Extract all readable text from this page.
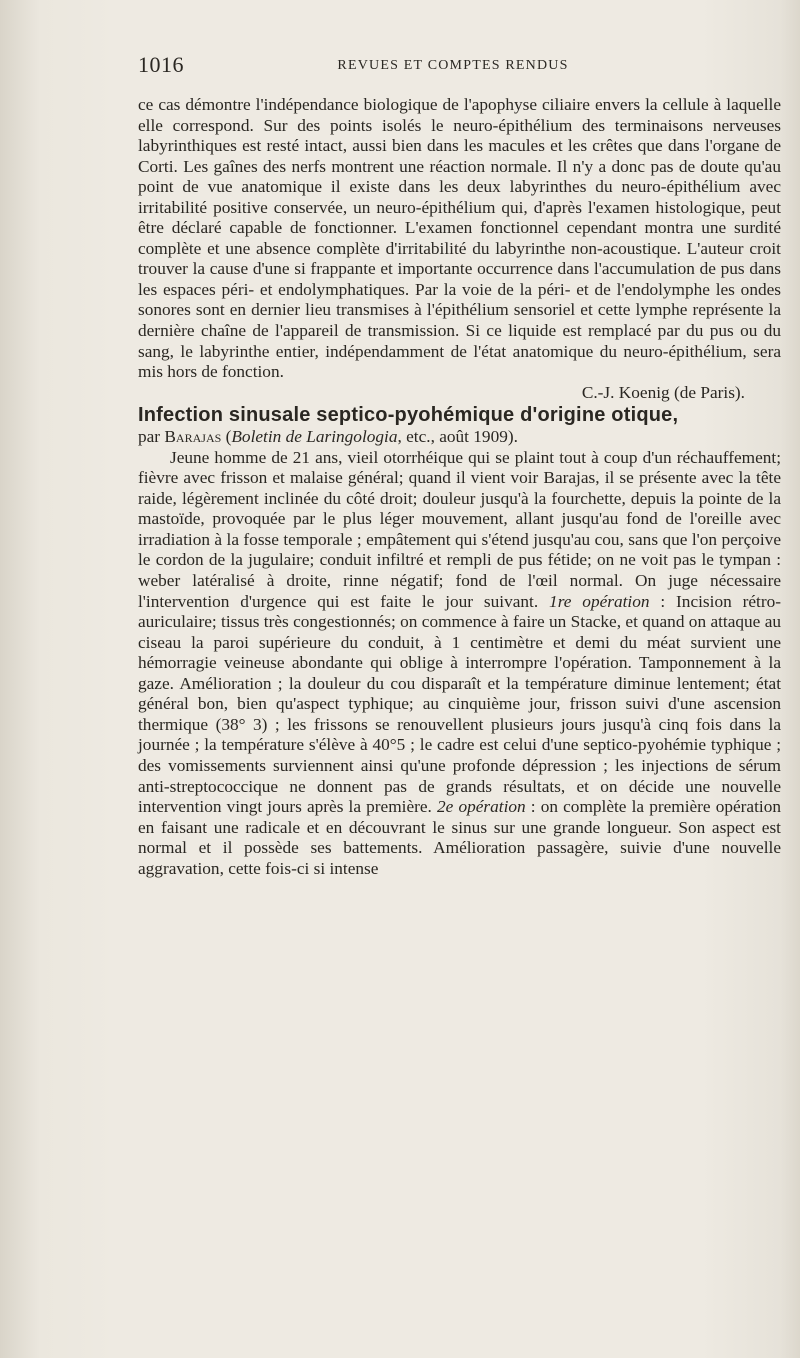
1016	REVUES ET COMPTES RENDUS

ce cas démontre l'indépendance biologique de l'apophyse ciliaire envers la cellule à laquelle elle correspond. Sur des points isolés le neuro-épithélium des terminaisons nerveuses labyrinthiques est resté intact, aussi bien dans les macules et les crêtes que dans l'organe de Corti. Les gaînes des nerfs montrent une réaction normale. Il n'y a donc pas de doute qu'au point de vue anatomique il existe dans les deux labyrinthes du neuro-épithélium avec irritabilité positive conservée, un neuro-épithélium qui, d'après l'examen histologique, peut être déclaré capable de fonctionner. L'examen fonctionnel cependant montra une surdité complète et une absence complète d'irritabilité du labyrinthe non-acoustique. L'auteur croit trouver la cause d'une si frappante et importante occurrence dans l'accumulation de pus dans les espaces péri- et endolymphatiques. Par la voie de la péri- et de l'endolymphe les ondes sonores sont en dernier lieu transmises à l'épithélium sensoriel et cette lymphe représente la dernière chaîne de l'appareil de transmission. Si ce liquide est remplacé par du pus ou du sang, le labyrinthe entier, indépendamment de l'état anatomique du neuro-épithélium, sera mis hors de fonction.

C.-J. Koenig (de Paris).

Infection sinusale septico-pyohémique d'origine otique,

par Barajas (Boletin de Laringologia, etc., août 1909).

Jeune homme de 21 ans, vieil otorrhéique qui se plaint tout à coup d'un réchauffement; fièvre avec frisson et malaise général; quand il vient voir Barajas, il se présente avec la tête raide, légèrement inclinée du côté droit; douleur jusqu'à la fourchette, depuis la pointe de la mastoïde, provoquée par le plus léger mouvement, allant jusqu'au fond de l'oreille avec irradiation à la fosse temporale ; empâtement qui s'étend jusqu'au cou, sans que l'on perçoive le cordon de la jugulaire; conduit infiltré et rempli de pus fétide; on ne voit pas le tympan : weber latéralisé à droite, rinne négatif; fond de l'œil normal. On juge nécessaire l'intervention d'urgence qui est faite le jour suivant. 1re opération : Incision rétro-auriculaire; tissus très congestionnés; on commence à faire un Stacke, et quand on attaque au ciseau la paroi supérieure du conduit, à 1 centimètre et demi du méat survient une hémorragie veineuse abondante qui oblige à interrompre l'opération. Tamponnement à la gaze. Amélioration ; la douleur du cou disparaît et la température diminue lentement; état général bon, bien qu'aspect typhique; au cinquième jour, frisson suivi d'une ascension thermique (38° 3) ; les frissons se renouvellent plusieurs jours jusqu'à cinq fois dans la journée ; la température s'élève à 40°5 ; le cadre est celui d'une septico-pyohémie typhique ; des vomissements surviennent ainsi qu'une profonde dépression ; les injections de sérum anti-streptococcique ne donnent pas de grands résultats, et on décide une nouvelle intervention vingt jours après la première. 2e opération : on complète la première opération en faisant une radicale et en découvrant le sinus sur une grande longueur. Son aspect est normal et il possède ses battements. Amélioration passagère, suivie d'une nouvelle aggravation, cette fois-ci si intense
